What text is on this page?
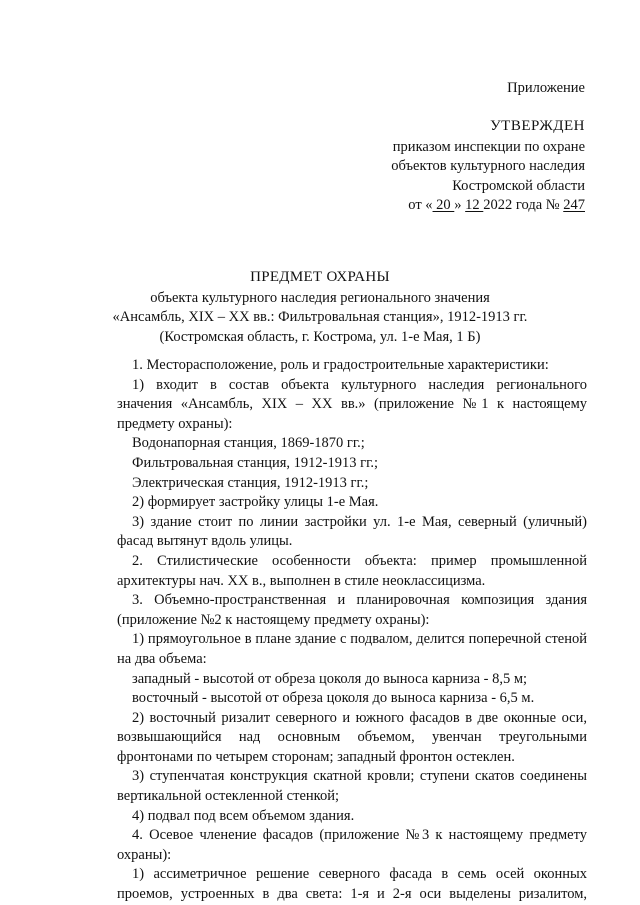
Приложение
УТВЕРЖДЕН
приказом инспекции по охране
объектов культурного наследия
Костромской области
от « 20 » 12 2022 года № 247
ПРЕДМЕТ ОХРАНЫ
объекта культурного наследия регионального значения
«Ансамбль, XIX – XX вв.: Фильтровальная станция», 1912-1913 гг.
(Костромская область, г. Кострома, ул. 1-е Мая, 1 Б)

1. Месторасположение, роль и градостроительные характеристики:

1) входит в состав объекта культурного наследия регионального значения «Ансамбль, XIX – XX вв.» (приложение №1 к настоящему предмету охраны):

Водонапорная станция, 1869-1870 гг.;

Фильтровальная станция, 1912-1913 гг.;

Электрическая станция, 1912-1913 гг.;

2) формирует застройку улицы 1-е Мая.

3) здание стоит по линии застройки ул. 1-е Мая, северный (уличный) фасад вытянут вдоль улицы.

2. Стилистические особенности объекта: пример промышленной архитектуры нач. XX в., выполнен в стиле неоклассицизма.

3. Объемно-пространственная и планировочная композиция здания (приложение №2 к настоящему предмету охраны):

1) прямоугольное в плане здание с подвалом, делится поперечной стеной на два объема:

западный - высотой от обреза цоколя до выноса карниза - 8,5 м;

восточный - высотой от обреза цоколя до выноса карниза - 6,5 м.

2) восточный ризалит северного и южного фасадов в две оконные оси, возвышающийся над основным объемом, увенчан треугольными фронтонами по четырем сторонам; западный фронтон остеклен.

3) ступенчатая конструкция скатной кровли; ступени скатов соединены вертикальной остекленной стенкой;

4) подвал под всем объемом здания.

4. Осевое членение фасадов (приложение №3 к настоящему предмету охраны):

1) ассиметричное решение северного фасада в семь осей оконных проемов, устроенных в два света: 1-я и 2-я оси выделены ризалитом,
